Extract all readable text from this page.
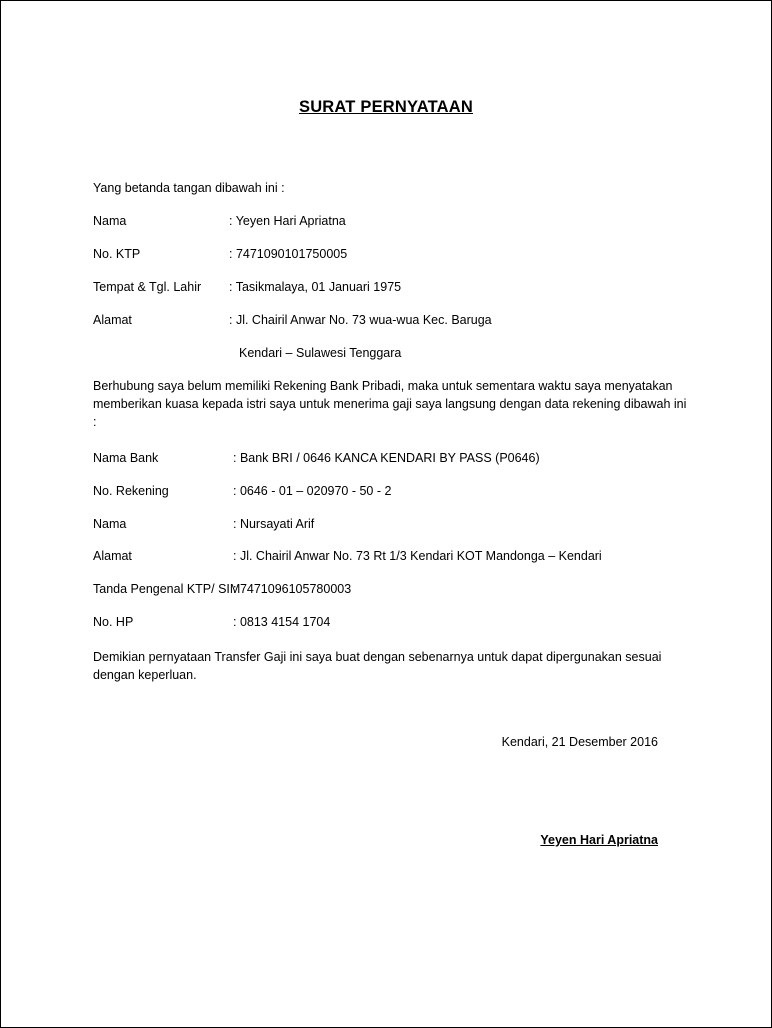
SURAT PERNYATAAN
Yang betanda tangan dibawah ini :
Nama	: Yeyen Hari Apriatna
No. KTP	: 7471090101750005
Tempat & Tgl. Lahir : Tasikmalaya, 01 Januari 1975
Alamat	: Jl. Chairil Anwar No. 73 wua-wua Kec. Baruga
Kendari – Sulawesi Tenggara
Berhubung saya belum memiliki Rekening Bank Pribadi, maka untuk sementara waktu saya menyatakan memberikan kuasa kepada istri saya untuk menerima gaji saya langsung dengan data rekening dibawah ini :
Nama Bank	: Bank BRI / 0646 KANCA KENDARI BY PASS (P0646)
No. Rekening	: 0646 - 01 – 020970 - 50 - 2
Nama	: Nursayati Arif
Alamat	: Jl. Chairil Anwar No. 73 Rt 1/3 Kendari KOT Mandonga – Kendari
Tanda Pengenal KTP/ SIM
: 7471096105780003
No. HP	: 0813 4154 1704
Demikian pernyataan Transfer Gaji ini saya buat dengan sebenarnya untuk dapat dipergunakan sesuai dengan keperluan.
Kendari, 21 Desember 2016
Yeyen Hari Apriatna
